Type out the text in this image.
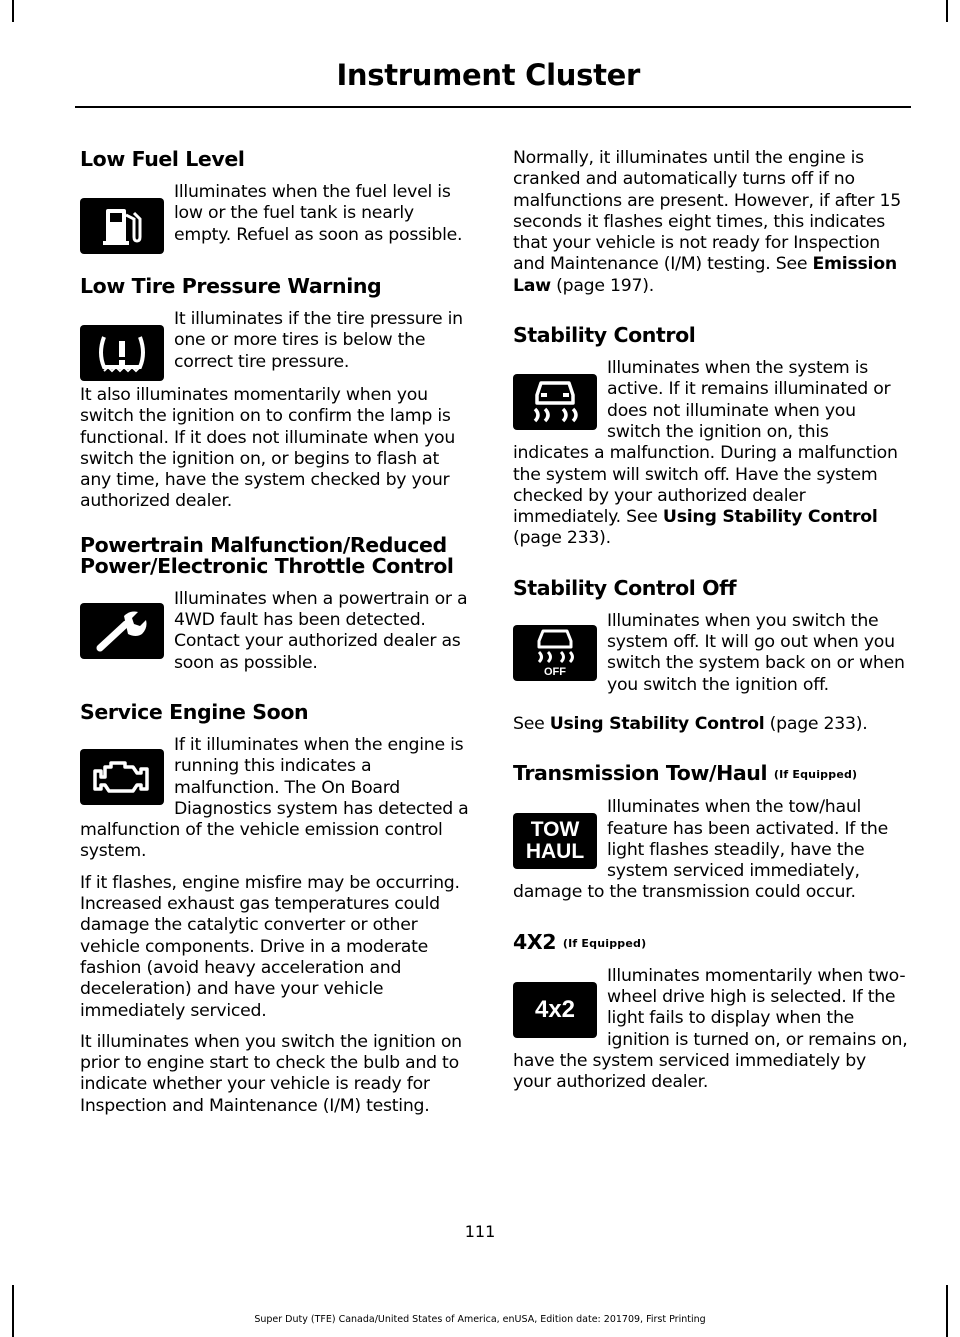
Instrument Cluster
Low Fuel Level

Illuminates when the fuel level is low or the fuel tank is nearly empty. Refuel as soon as possible.

Low Tire Pressure Warning

It illuminates if the tire pressure in one or more tires is below the correct tire pressure.

It also illuminates momentarily when you switch the ignition on to confirm the lamp is functional. If it does not illuminate when you switch the ignition on, or begins to flash at any time, have the system checked by your authorized dealer.

Powertrain Malfunction/Reduced Power/Electronic Throttle Control

Illuminates when a powertrain or a 4WD fault has been detected. Contact your authorized dealer as soon as possible.

Service Engine Soon

If it illuminates when the engine is running this indicates a malfunction. The On Board Diagnostics system has detected a malfunction of the vehicle emission control system.

If it flashes, engine misfire may be occurring. Increased exhaust gas temperatures could damage the catalytic converter or other vehicle components. Drive in a moderate fashion (avoid heavy acceleration and deceleration) and have your vehicle immediately serviced.

It illuminates when you switch the ignition on prior to engine start to check the bulb and to indicate whether your vehicle is ready for Inspection and Maintenance (I/M) testing.

Normally, it illuminates until the engine is cranked and automatically turns off if no malfunctions are present. However, if after 15 seconds it flashes eight times, this indicates that your vehicle is not ready for Inspection and Maintenance (I/M) testing. See Emission Law (page 197).

Stability Control

Illuminates when the system is active. If it remains illuminated or does not illuminate when you switch the ignition on, this indicates a malfunction. During a malfunction the system will switch off. Have the system checked by your authorized dealer immediately. See Using Stability Control (page 233).

Stability Control Off
OFF

Illuminates when you switch the system off. It will go out when you switch the system back on or when you switch the ignition off.

See Using Stability Control (page 233).

Transmission Tow/Haul (If Equipped)
TOW
HAUL

Illuminates when the tow/haul feature has been activated. If the light flashes steadily, have the system serviced immediately, damage to the transmission could occur.

4X2 (If Equipped)
4x2

Illuminates momentarily when two-wheel drive high is selected. If the light fails to display when the ignition is turned on, or remains on, have the system serviced immediately by your authorized dealer.

111
Super Duty (TFE) Canada/United States of America, enUSA, Edition date: 201709, First Printing
